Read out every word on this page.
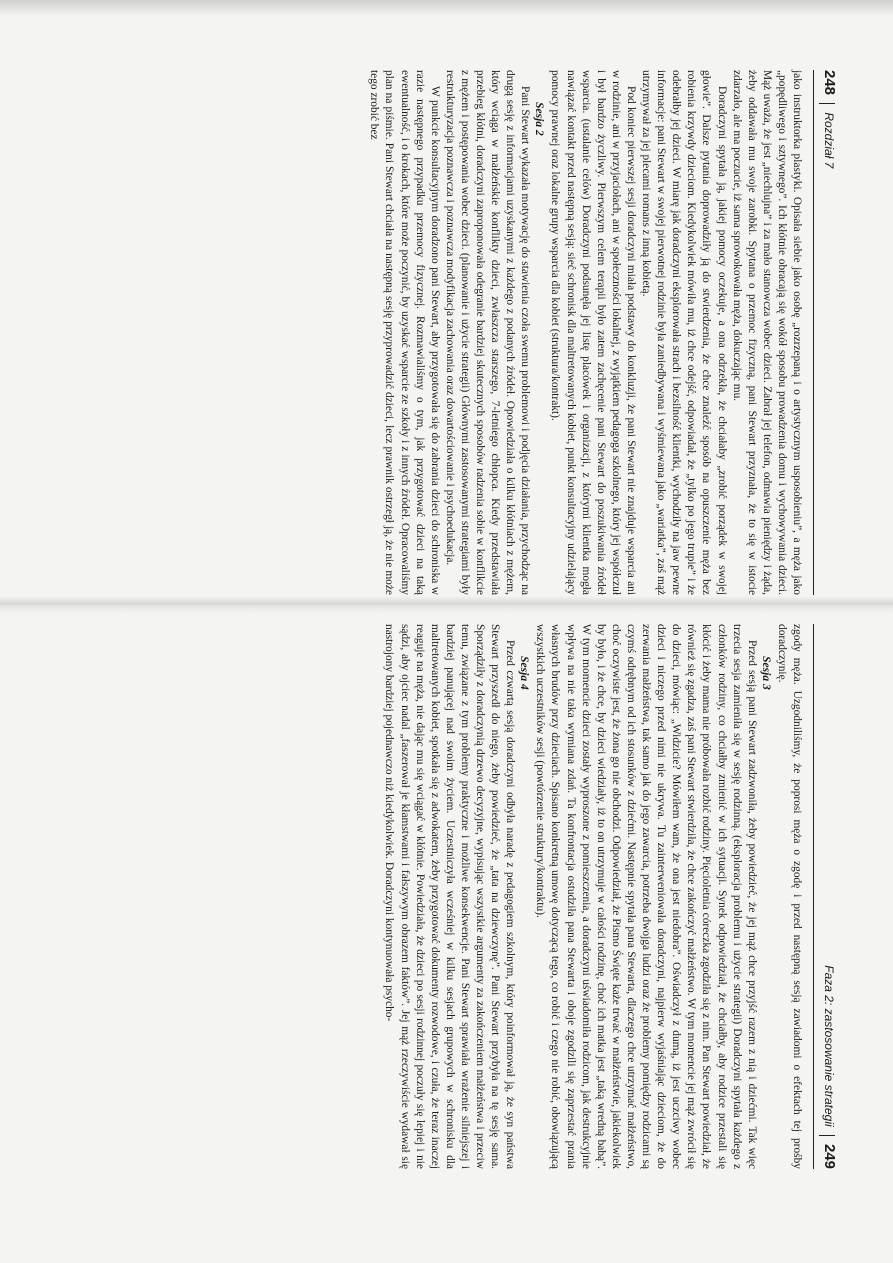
248
Rozdział 7

jako instruktorka plastyki. Opisała siebie jako osobę „rozrzepaną i o artystycznym usposobieniu”, a męża jako „popędliwego i sztywnego”. Ich kłótnie obracają się wokół sposobu prowadzenia domu i wychowywania dzieci. Mąż uważa, że jest „niechlujna” i za mało stanowcza wobec dzieci. Zabrał jej telefon, odmawia pieniędzy i żąda, żeby oddawała mu swoje zarobki. Spytana o przemoc fizyczną, pani Stewart przyznała, że to się w istocie zdarzało, ale ma poczucie, iż sama sprowokowała męża, dokuczając mu.

Doradczyni spytała ją, jakiej pomocy oczekuje, a ona odrzekła, że chciałaby „zrobić porządek w swojej głowie”. Dalsze pytania doprowadziły ją do stwierdzenia, że chce znaleźć sposób na opuszczenie męża bez robienia krzywdy dzieciom. Kiedykolwiek mówiła mu, iż chce odejść, odpowiadał, że „tylko po jego trupie” i że odebrałby jej dzieci. W miarę jak doradczyni eksplorowała strach i bezsilność klientki, wychodziły na jaw pewne informacje: pani Stewart w swojej pierwotnej rodzinie była zaniedbywana i wyśmiewana jako „wariatka”, zaś mąż utrzymywał za jej plecami romans z inną kobietą.

Pod koniec pierwszej sesji doradczyni miała podstawy do konkluzji, że pani Stewart nie znajduje wsparcia ani w rodzinie, ani w przyjaciołach, ani w społeczności lokalnej, z wyjątkiem pedagoga szkolnego, który jej współczuł i był bardzo życzliwy. Pierwszym celem terapii było zatem zachęcenie pani Stewart do poszukiwania źródeł wsparcia. (ustalanie celów) Doradczyni podsunęła jej listę placówek i organizacji, z którymi klientka mogła nawiązać kontakt przed następną sesją: sieć schronisk dla maltretowanych kobiet, punkt konsultacyjny udzielający pomocy prawnej oraz lokalne grupy wsparcia dla kobiet (struktura/kontrakt).

Sesja 2

Pani Stewart wykazała motywację do stawienia czoła swemu problemowi i podjęcia działania, przychodząc na drugą sesję z informacjami uzyskanymi z każdego z podanych źródeł. Opowiedziała o kilku kłótniach z mężem, który wciąga w małżeńskie konflikty dzieci, zwłaszcza starszego, 7-letniego chłopca. Kiedy przedstawiała przebieg kłótni, doradczyni zaproponowała odegranie bardziej skutecznych sposobów radzenia sobie w konflikcie z mężem i postępowania wobec dzieci. (planowanie i użycie strategii) Głównymi zastosowanymi strategiami były restrukturyzacja poznawcza i poznawcza modyfikacja zachowania oraz dowartościowanie i psychoedukacja.

W punkcie konsultacyjnym doradzono pani Stewart, aby przygotowała się do zabrania dzieci do schroniska w razie następnego przypadku przemocy fizycznej. Rozmawialiśmy o tym, jak przygotować dzieci na taką ewentualność, i o krokach, które może poczynić, by uzyskać wsparcie ze szkoły i z innych źródeł. Opracowaliśmy plan na piśmie. Pani Stewart chciała na następną sesję przyprowadzić dzieci, lecz prawnik ostrzegł ją, że nie może tego zrobić bez

Faza 2: zastosowanie strategii
249

zgody męża. Uzgodniliśmy, że poprosi męża o zgodę i przed następną sesją zawiadomi o efektach tej prośby doradczynię.

Sesja 3

Przed sesją pani Stewart zadzwoniła, żeby powiedzieć, że jej mąż chce przyjść razem z nią i dziećmi. Tak więc trzecia sesja zamieniła się w sesję rodzinną. (eksploracja problemu i użycie strategii) Doradczyni spytała każdego z członków rodziny, co chciałby zmienić w ich sytuacji. Synek odpowiedział, że chciałby, aby rodzice przestali się kłócić i żeby mama nie próbowała rozbić rodziny. Pięcioletnia córeczka zgodziła się z nim. Pan Stewart powiedział, że również się zgadza, zaś pani Stewart stwierdziła, że chce zakończyć małżeństwo. W tym momencie jej mąż zwrócił się do dzieci, mówiąc: „Widzicie? Mówiłem wam, że ona jest niedobra”. Oświadczył z dumą, iż jest uczciwy wobec dzieci i niczego przed nimi nie ukrywa. Tu zainterweniowała doradczyni, najpierw wyjaśniając dzieciom, że do zerwania małżeństwa, tak samo jak do jego zawarcia, potrzeba dwojga ludzi oraz że problemy pomiędzy rodzicami są czymś odrębnym od ich stosunków z dziećmi. Następnie spytała pana Stewarta, dlaczego chce utrzymać małżeństwo, choć oczywiste jest, że żona go nie obchodzi. Odpowiedział, że Pismo Święte każe trwać w małżeństwie, jakiekolwiek by było, i że chce, by dzieci wiedziały, iż to on utrzymuje w całości rodzinę, choć ich matka jest „taką wredną babą”. W tym momencie dzieci zostały wyproszone z pomieszczenia, a doradczyni uświadomiła rodzicom, jak destrukcyjnie wpływa na nie taka wymiana zdań. Ta konfrontacja ostudziła pana Stewarta i oboje zgodzili się zaprzestać prania własnych brudów przy dzieciach. Spisano konkretną umowę dotyczącą tego, co robić i czego nie robić, obowiązującą wszystkich uczestników sesji (powtórzenie struktury/kontraktu).

Sesja 4

Przed czwartą sesją doradczyni odbyła naradę z pedagogiem szkolnym, który poinformował ją, że syn państwa Stewart przyszedł do niego, żeby powiedzieć, że „tata na dziewczynę”. Pani Stewart przybyła na tę sesję sama. Sporządziły z doradczynią drzewo decyzyjne, wypisując wszystkie argumenty za zakończeniem małżeństwa i przeciw temu, związane z tym problemy praktyczne i możliwe konsekwencje. Pani Stewart sprawiała wrażenie silniejszej i bardziej panującej nad swoim życiem. Uczestniczyła wcześniej w kilku sesjach grupowych w schronisku dla maltretowanych kobiet, spotkała się z adwokatem, żeby przygotować dokumenty rozwodowe, i czuła, że teraz inaczej reaguje na męża, nie dając mu się wciągać w kłótnie. Powiedziała, że dzieci po sesji rodzinnej poczuły się lepiej i nie sądzi, aby ojciec nadal „faszerował je kłamstwami i fałszywym obrazem faktów”. Jej mąż rzeczywiście wydawał się nastrojony bardziej pojednawczo niż kiedykolwiek. Doradczyni kontynuowała psycho-
